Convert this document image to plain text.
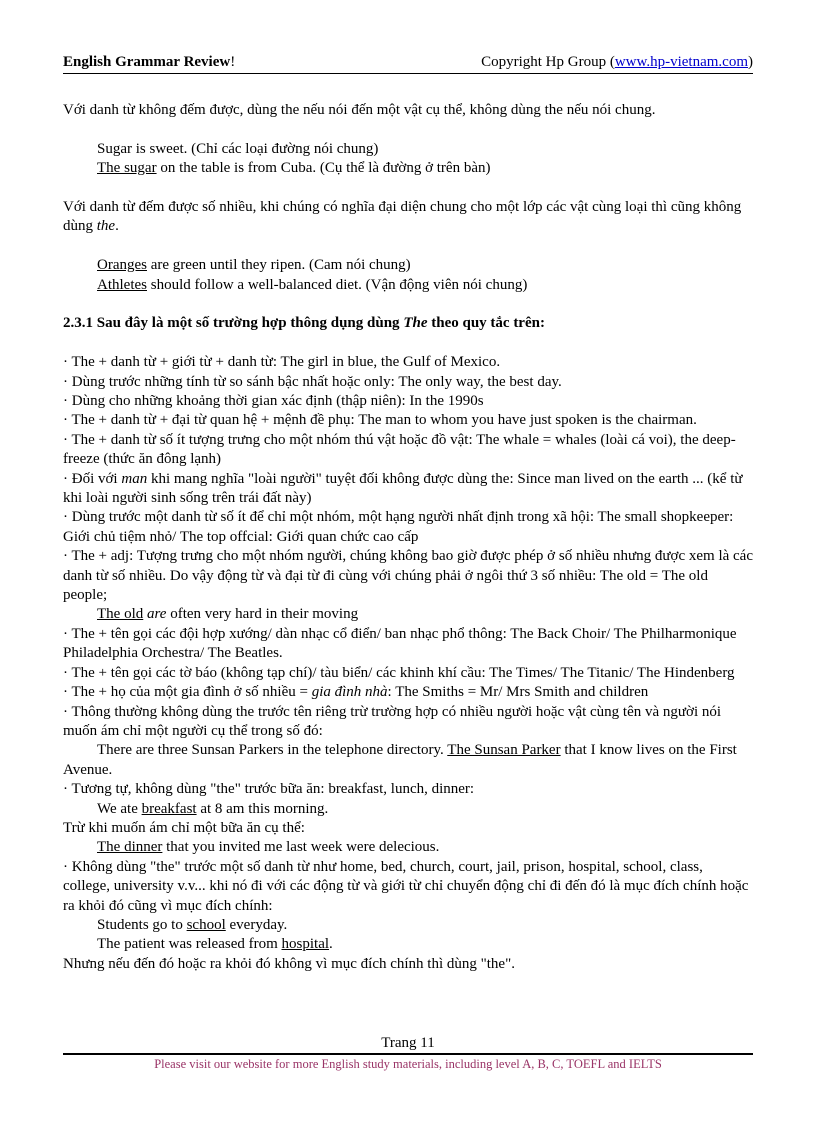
English Grammar Review!	Copyright Hp Group (www.hp-vietnam.com)

Với danh từ không đếm được, dùng the nếu nói đến một vật cụ thể, không dùng the nếu nói chung.

Sugar is sweet. (Chỉ các loại đường nói chung)

The sugar on the table is from Cuba. (Cụ thể là đường ở trên bàn)

Với danh từ đếm được số nhiều, khi chúng có nghĩa đại diện chung cho một lớp các vật cùng loại thì cũng không dùng the.

Oranges are green until they ripen. (Cam nói chung)

Athletes should follow a well-balanced diet. (Vận động viên nói chung)

2.3.1 Sau đây là một số trường hợp thông dụng dùng The theo quy tắc trên:

· The + danh từ + giới từ + danh từ: The girl in blue, the Gulf of Mexico.

· Dùng trước những tính từ so sánh bậc nhất hoặc only: The only way, the best day.

· Dùng cho những khoảng thời gian xác định (thập niên): In the 1990s

· The + danh từ + đại từ quan hệ + mệnh đề phụ: The man to whom you have just spoken is the chairman.

· The + danh từ số ít tượng trưng cho một nhóm thú vật hoặc đồ vật: The whale = whales (loài cá voi), the deep-freeze (thức ăn đông lạnh)

· Đối với man khi mang nghĩa "loài người" tuyệt đối không được dùng the: Since man lived on the earth ... (kể từ khi loài người sinh sống trên trái đất này)

· Dùng trước một danh từ số ít để chỉ một nhóm, một hạng người nhất định trong xã hội: The small shopkeeper: Giới chủ tiệm nhỏ/ The top offcial: Giới quan chức cao cấp

· The + adj: Tượng trưng cho một nhóm người, chúng không bao giờ được phép ở số nhiều nhưng được xem là các danh từ số nhiều. Do vậy động từ và đại từ đi cùng với chúng phải ở ngôi thứ 3 số nhiều: The old = The old people;

The old are often very hard in their moving

· The + tên gọi các đội hợp xướng/ dàn nhạc cổ điển/ ban nhạc phổ thông: The Back Choir/ The Philharmonique Philadelphia Orchestra/ The Beatles.

· The + tên gọi các tờ báo (không tạp chí)/ tàu biển/ các khinh khí cầu: The Times/ The Titanic/ The Hindenberg

· The + họ của một gia đình ở số nhiều = gia đình nhà: The Smiths = Mr/ Mrs Smith and children

· Thông thường không dùng the trước tên riêng trừ trường hợp có nhiều người hoặc vật cùng tên và người nói muốn ám chỉ một người cụ thể trong số đó:

There are three Sunsan Parkers in the telephone directory. The Sunsan Parker that I know lives on the First Avenue.

· Tương tự, không dùng "the" trước bữa ăn: breakfast, lunch, dinner:

We ate breakfast at 8 am this morning.

Trừ khi muốn ám chỉ một bữa ăn cụ thể:

The dinner that you invited me last week were delecious.

· Không dùng "the" trước một số danh từ như home, bed, church, court, jail, prison, hospital, school, class, college, university v.v... khi nó đi với các động từ và giới từ chỉ chuyển động chỉ đi đến đó là mục đích chính hoặc ra khỏi đó cũng vì mục đích chính:

Students go to school everyday.

The patient was released from hospital.

Nhưng nếu đến đó hoặc ra khỏi đó không vì mục đích chính thì dùng "the".

Trang 11
Please visit our website for more English study materials, including level A, B, C, TOEFL and IELTS
